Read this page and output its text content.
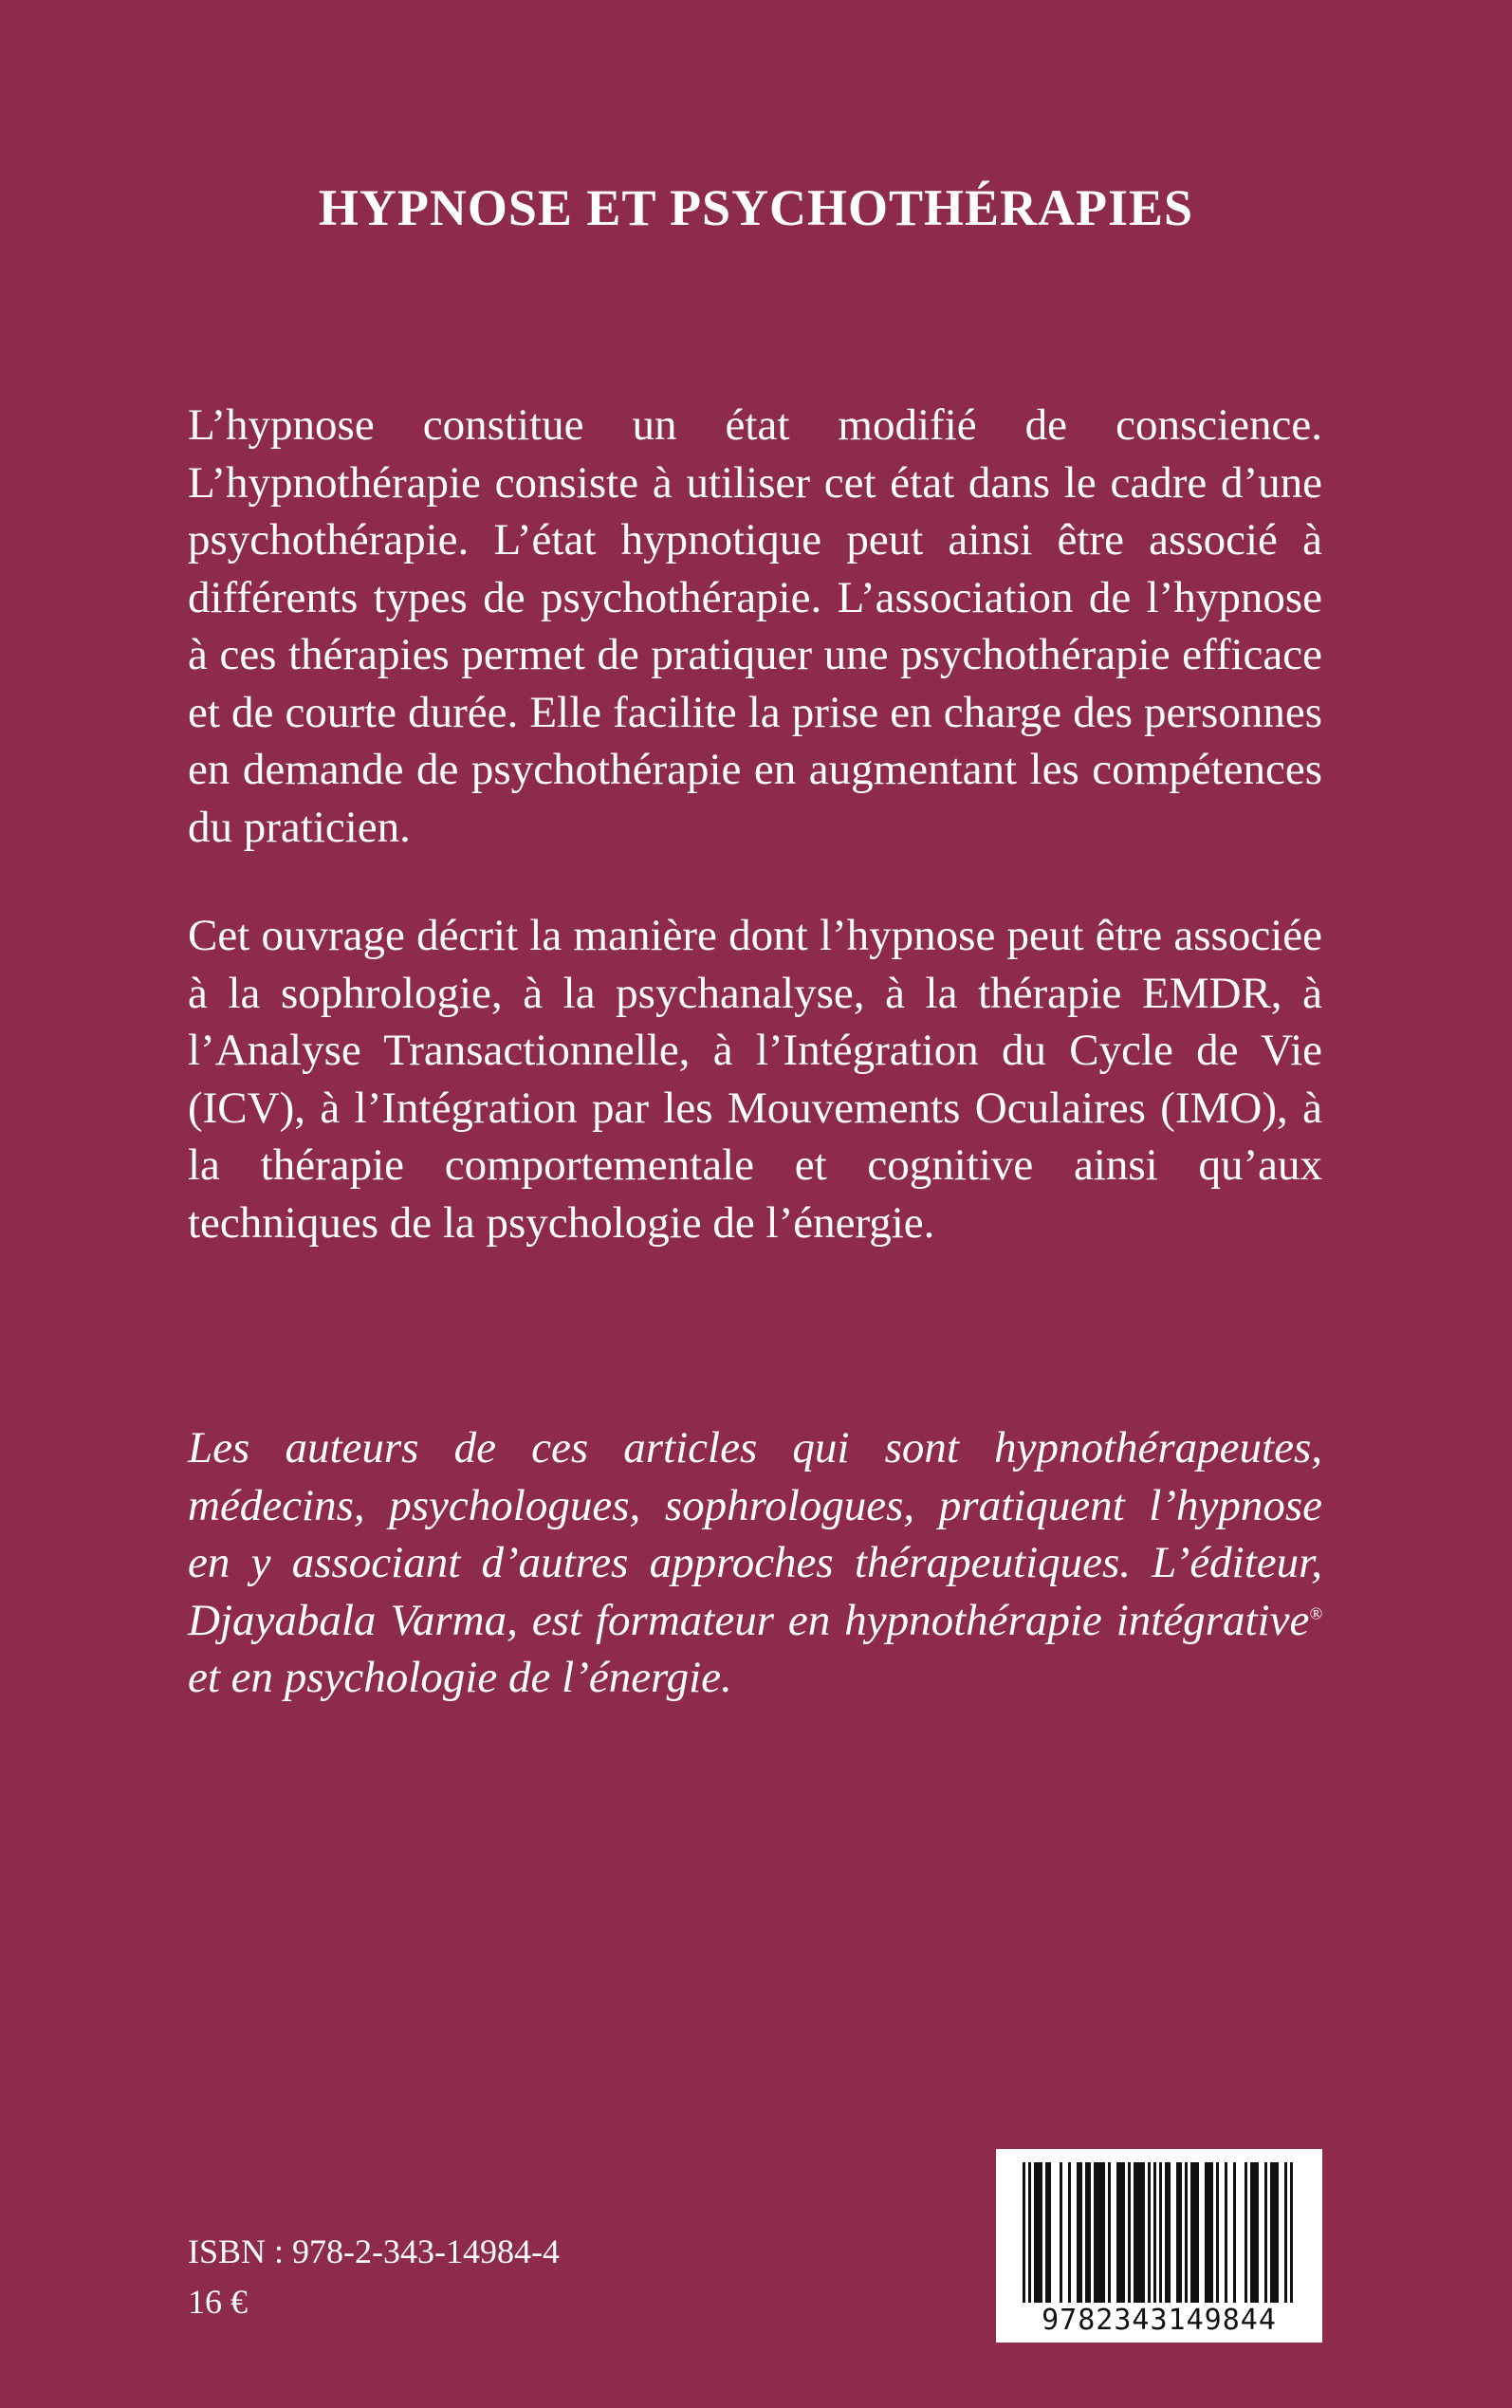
HYPNOSE ET PSYCHOTHÉRAPIES

L’hypnose constitue un état modifié de conscience. L’hypnothérapie consiste à utiliser cet état dans le cadre d’une psychothérapie. L’état hypnotique peut ainsi être associé à différents types de psychothérapie. L’association de l’hypnose à ces thérapies permet de pratiquer une psychothérapie efficace et de courte durée. Elle facilite la prise en charge des personnes en demande de psychothérapie en augmentant les compétences du praticien.

Cet ouvrage décrit la manière dont l’hypnose peut être associée à la sophrologie, à la psychanalyse, à la thérapie EMDR, à l’Analyse Transactionnelle, à l’Intégration du Cycle de Vie (ICV), à l’Intégration par les Mouvements Oculaires (IMO), à la thérapie comportementale et cognitive ainsi qu’aux techniques de la psychologie de l’énergie.

Les auteurs de ces articles qui sont hypnothérapeutes, médecins, psychologues, sophrologues, pratiquent l’hypnose en y associant d’autres approches thérapeutiques. L’éditeur, Djayabala Varma, est formateur en hypnothérapie intégrative® et en psychologie de l’énergie.

ISBN : 978-2-343-14984-4

16 €	9782343149844
